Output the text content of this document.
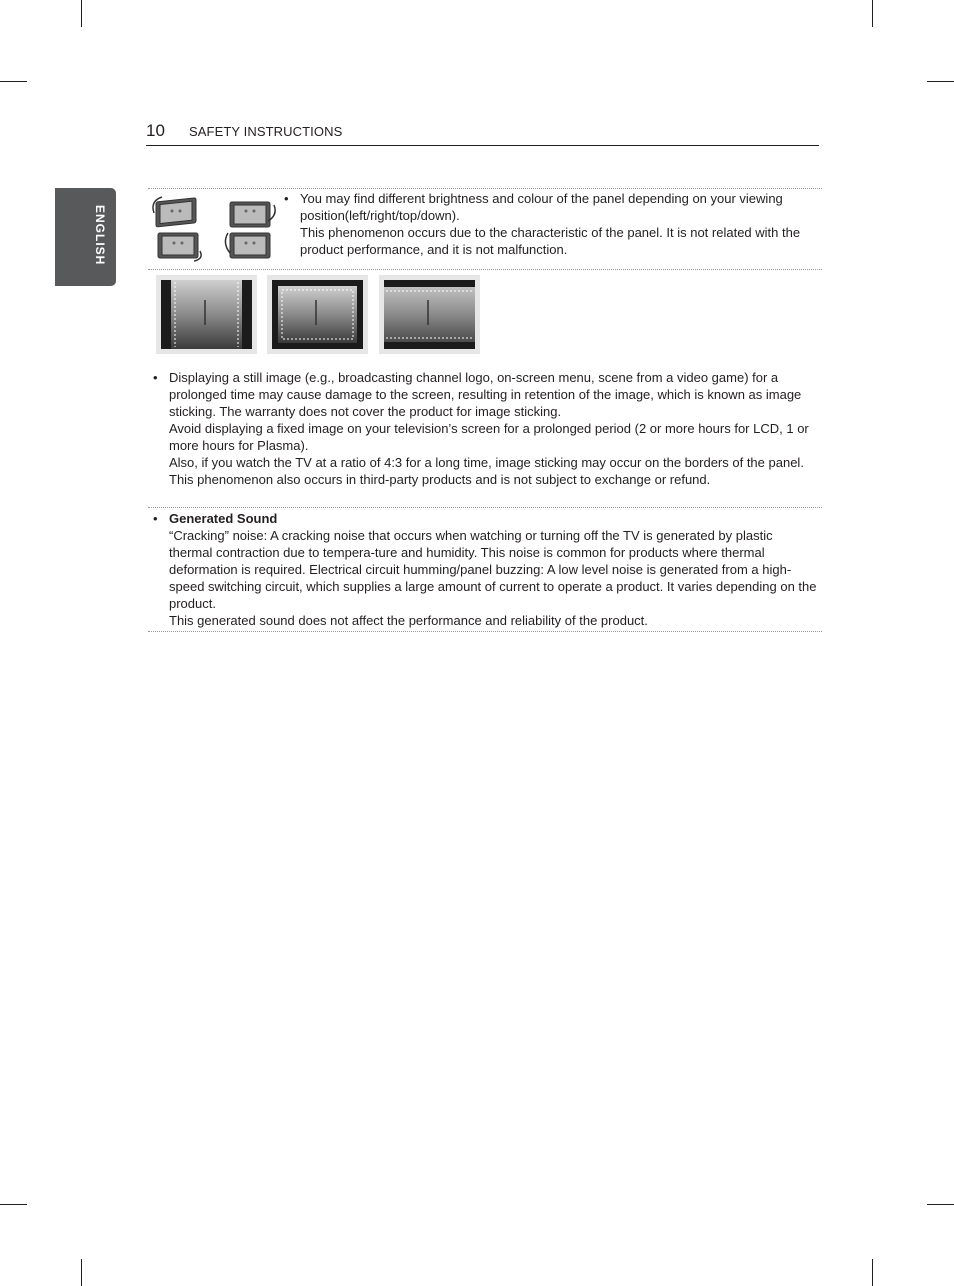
10 SAFETY INSTRUCTIONS
ENGLISH
• You may find different brightness and colour of the panel depending on your viewing position(left/right/top/down).

This phenomenon occurs due to the characteristic of the panel. It is not related with the product performance, and it is not malfunction.

• Displaying a still image (e.g., broadcasting channel logo, on-screen menu, scene from a video game) for a prolonged time may cause damage to the screen, resulting in retention of the image, which is known as image sticking. The warranty does not cover the product for image sticking.

Avoid displaying a fixed image on your television’s screen for a prolonged period (2 or more hours for LCD, 1 or more hours for Plasma).

Also, if you watch the TV at a ratio of 4:3 for a long time, image sticking may occur on the borders of the panel.

This phenomenon also occurs in third-party products and is not subject to exchange or refund.

• Generated Sound

“Cracking” noise: A cracking noise that occurs when watching or turning off the TV is generated by plastic thermal contraction due to tempera-ture and humidity. This noise is common for products where thermal deformation is required. Electrical circuit humming/panel buzzing: A low level noise is generated from a high-speed switching circuit, which supplies a large amount of current to operate a product. It varies depending on the product.

This generated sound does not affect the performance and reliability of the product.
